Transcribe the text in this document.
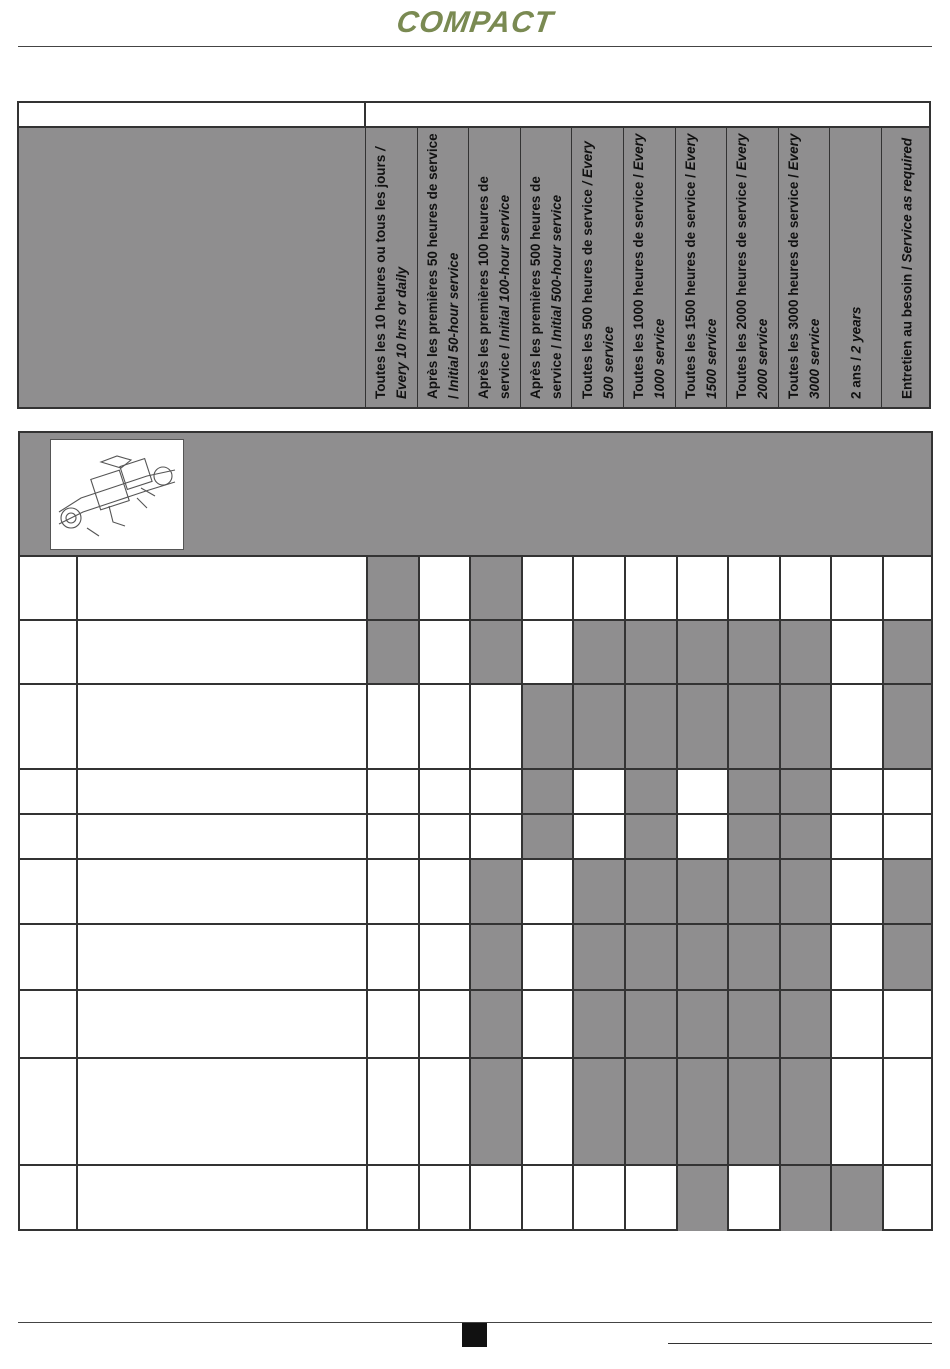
COMPACT
Toutes les 10 heures ou tous les jours / Every 10 hrs or daily Après les premières 50 heures de service / Initial 50-hour service Après les premières 100 heures de service / Initial 100-hour service Après les premières 500 heures de service / Initial 500-hour service Toutes les 500 heures de service / Every 500 service Toutes les 1000 heures de service / Every 1000 service Toutes les 1500 heures de service / Every 1500 service Toutes les 2000 heures de service / Every 2000 service Toutes les 3000 heures de service / Every 3000 service 2 ans / 2 years	Entretien au besoin / Service as required
